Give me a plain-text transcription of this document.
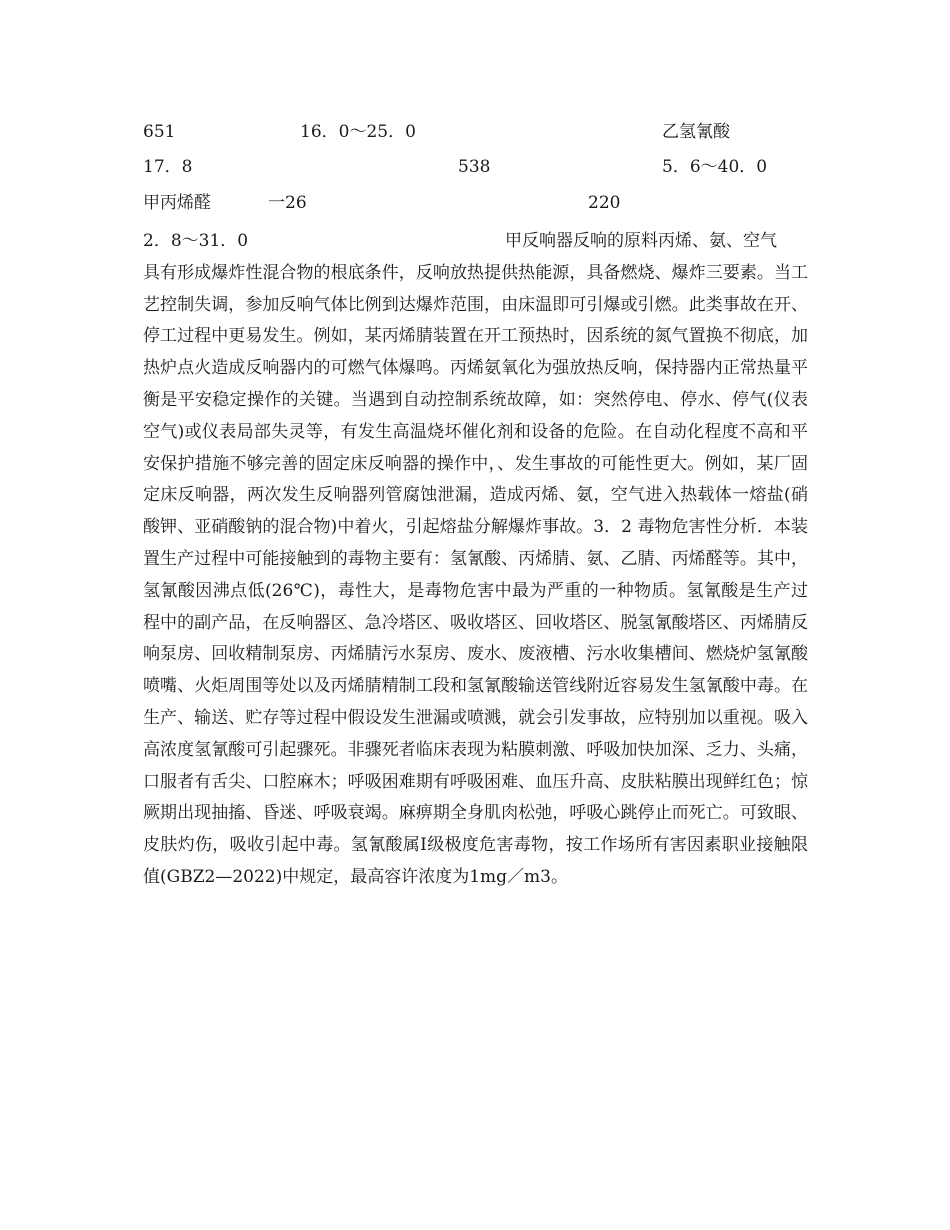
651	16．0～25．0	乙氢氰酸
17．8	538	5．6～40．0
甲丙烯醛	一26	220
2．8～31．0	甲反响器反响的原料丙烯、氨、空气
具有形成爆炸性混合物的根底条件，反响放热提供热能源，具备燃烧、爆炸三要素。当工艺控制失调，参加反响气体比例到达爆炸范围，由床温即可引爆或引燃。此类事故在开、停工过程中更易发生。例如，某丙烯腈装置在开工预热时，因系统的氮气置换不彻底，加热炉点火造成反响器内的可燃气体爆鸣。丙烯氨氧化为强放热反响，保持器内正常热量平衡是平安稳定操作的关键。当遇到自动控制系统故障，如：突然停电、停水、停气(仪表空气)或仪表局部失灵等，有发生高温烧坏催化剂和设备的危险。在自动化程度不高和平安保护措施不够完善的固定床反响器的操作中，、发生事故的可能性更大。例如，某厂固定床反响器，两次发生反响器列管腐蚀泄漏，造成丙烯、氨，空气进入热载体一熔盐(硝酸钾、亚硝酸钠的混合物)中着火，引起熔盐分解爆炸事故。3．2 毒物危害性分析．本装置生产过程中可能接触到的毒物主要有：氢氰酸、丙烯腈、氨、乙腈、丙烯醛等。其中，氢氰酸因沸点低(26℃)，毒性大，是毒物危害中最为严重的一种物质。氢氰酸是生产过程中的副产品，在反响器区、急冷塔区、吸收塔区、回收塔区、脱氢氰酸塔区、丙烯腈反响泵房、回收精制泵房、丙烯腈污水泵房、废水、废液槽、污水收集槽间、燃烧炉氢氰酸喷嘴、火炬周围等处以及丙烯腈精制工段和氢氰酸输送管线附近容易发生氢氰酸中毒。在生产、输送、贮存等过程中假设发生泄漏或喷溅，就会引发事故，应特别加以重视。吸入高浓度氢氰酸可引起骤死。非骤死者临床表现为粘膜刺激、呼吸加快加深、乏力、头痛，口服者有舌尖、口腔麻木；呼吸困难期有呼吸困难、血压升高、皮肤粘膜出现鲜红色；惊厥期出现抽搐、昏迷、呼吸衰竭。麻痹期全身肌肉松弛，呼吸心跳停止而死亡。可致眼、皮肤灼伤，吸收引起中毒。氢氰酸属Ⅰ级极度危害毒物，按工作场所有害因素职业接触限值(GBZ2—2022)中规定，最高容许浓度为1mg／m3。
